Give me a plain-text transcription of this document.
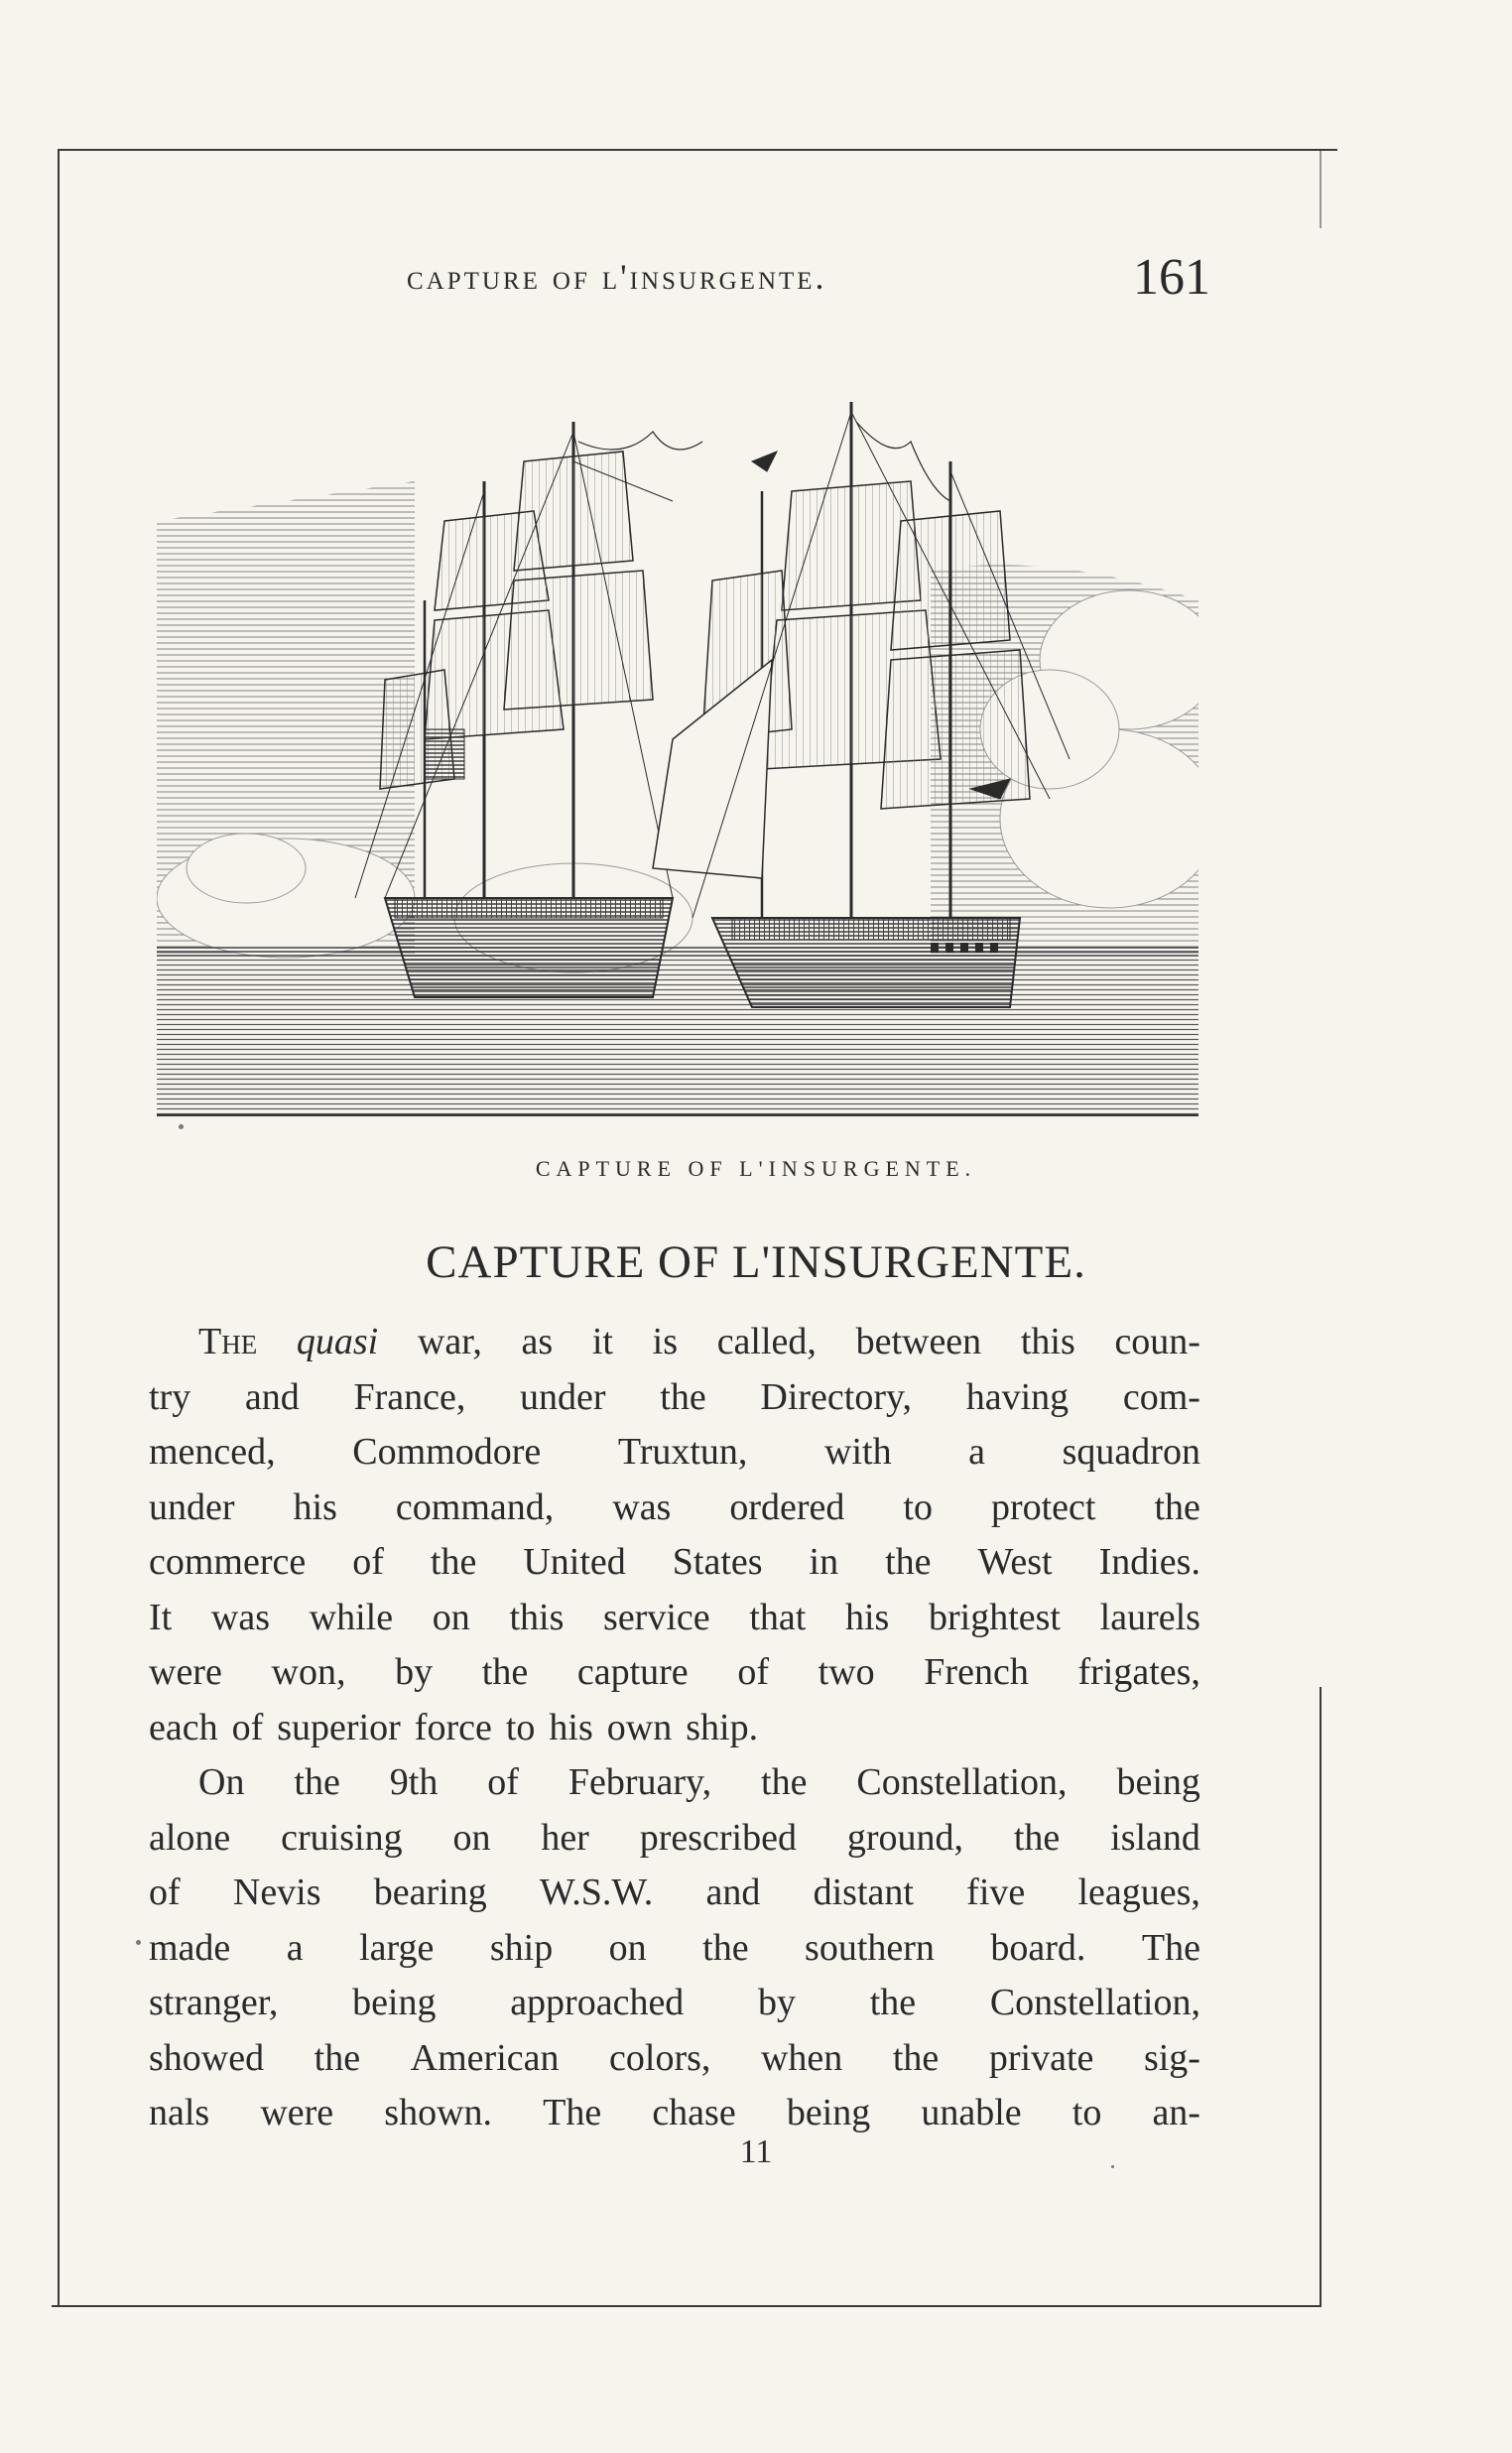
capture of l'insurgente.	161
CAPTURE OF L'INSURGENTE.
CAPTURE OF L'INSURGENTE.
The quasi war, as it is called, between this coun-
try and France, under the Directory, having com-
menced, Commodore Truxtun, with a squadron
under his command, was ordered to protect the
commerce of the United States in the West Indies.
It was while on this service that his brightest laurels
were won, by the capture of two French frigates,
each of superior force to his own ship.
On the 9th of February, the Constellation, being
alone cruising on her prescribed ground, the island
of Nevis bearing W.S.W. and distant five leagues,
made a large ship on the southern board. The
stranger, being approached by the Constellation,
showed the American colors, when the private sig-
nals were shown. The chase being unable to an-
11
